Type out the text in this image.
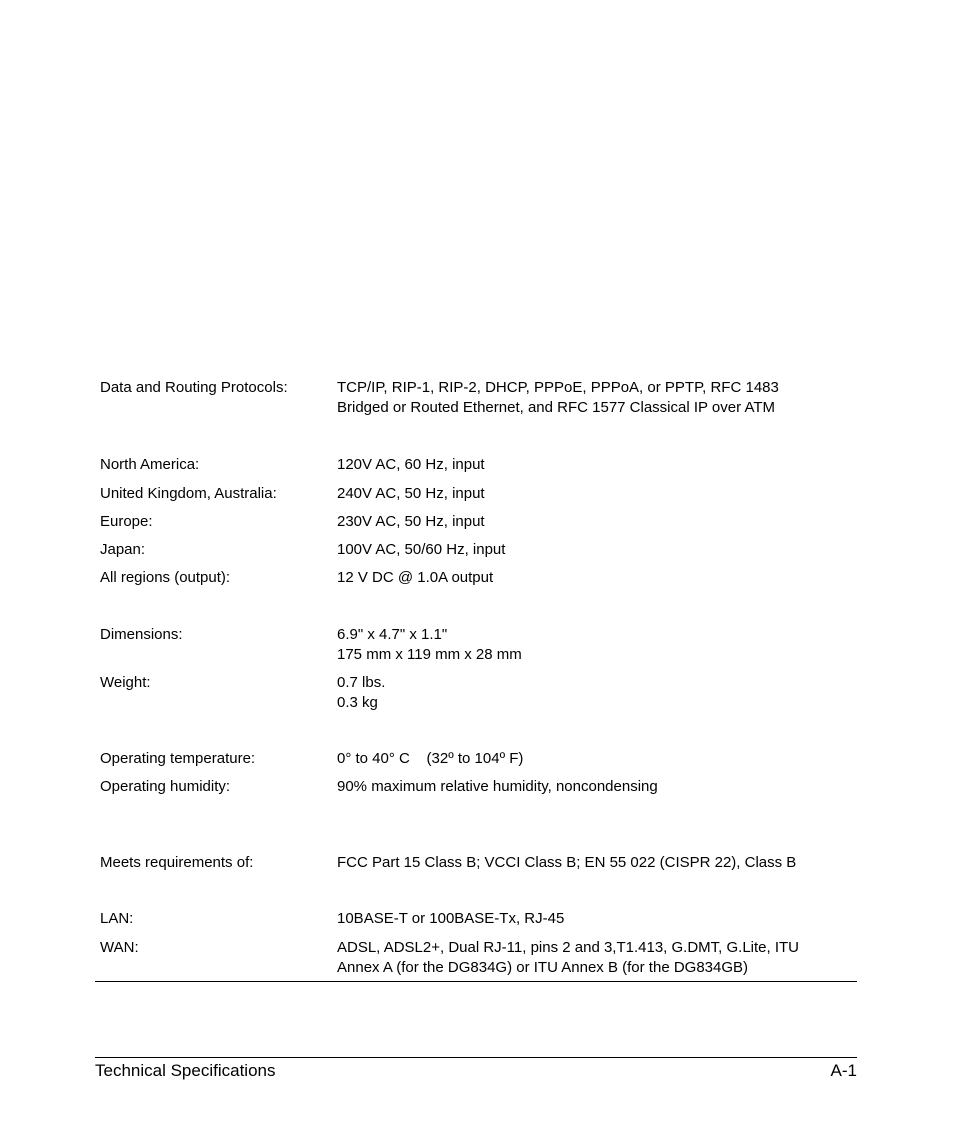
Data and Routing Protocols:	TCP/IP, RIP-1, RIP-2, DHCP, PPPoE, PPPoA, or PPTP, RFC 1483
Bridged or Routed Ethernet, and RFC 1577 Classical IP over ATM
North America:	120V AC, 60 Hz, input
United Kingdom, Australia:	240V AC, 50 Hz, input
Europe:	230V AC, 50 Hz, input
Japan:	100V AC, 50/60 Hz, input
All regions (output):	12 V DC @ 1.0A output
Dimensions:	6.9" x 4.7" x 1.1"
175 mm x 119 mm x 28 mm
Weight:	0.7 lbs.
0.3 kg
Operating temperature:	0° to 40° C    (32º to 104º F)
Operating humidity:	90% maximum relative humidity, noncondensing
Meets requirements of:	FCC Part 15 Class B; VCCI Class B; EN 55 022 (CISPR 22), Class B
LAN:	10BASE-T or 100BASE-Tx, RJ-45
WAN:	ADSL, ADSL2+, Dual RJ-11, pins 2 and 3,T1.413, G.DMT, G.Lite, ITU
Annex A (for the DG834G) or ITU Annex B (for the DG834GB)
Technical Specifications	A-1
